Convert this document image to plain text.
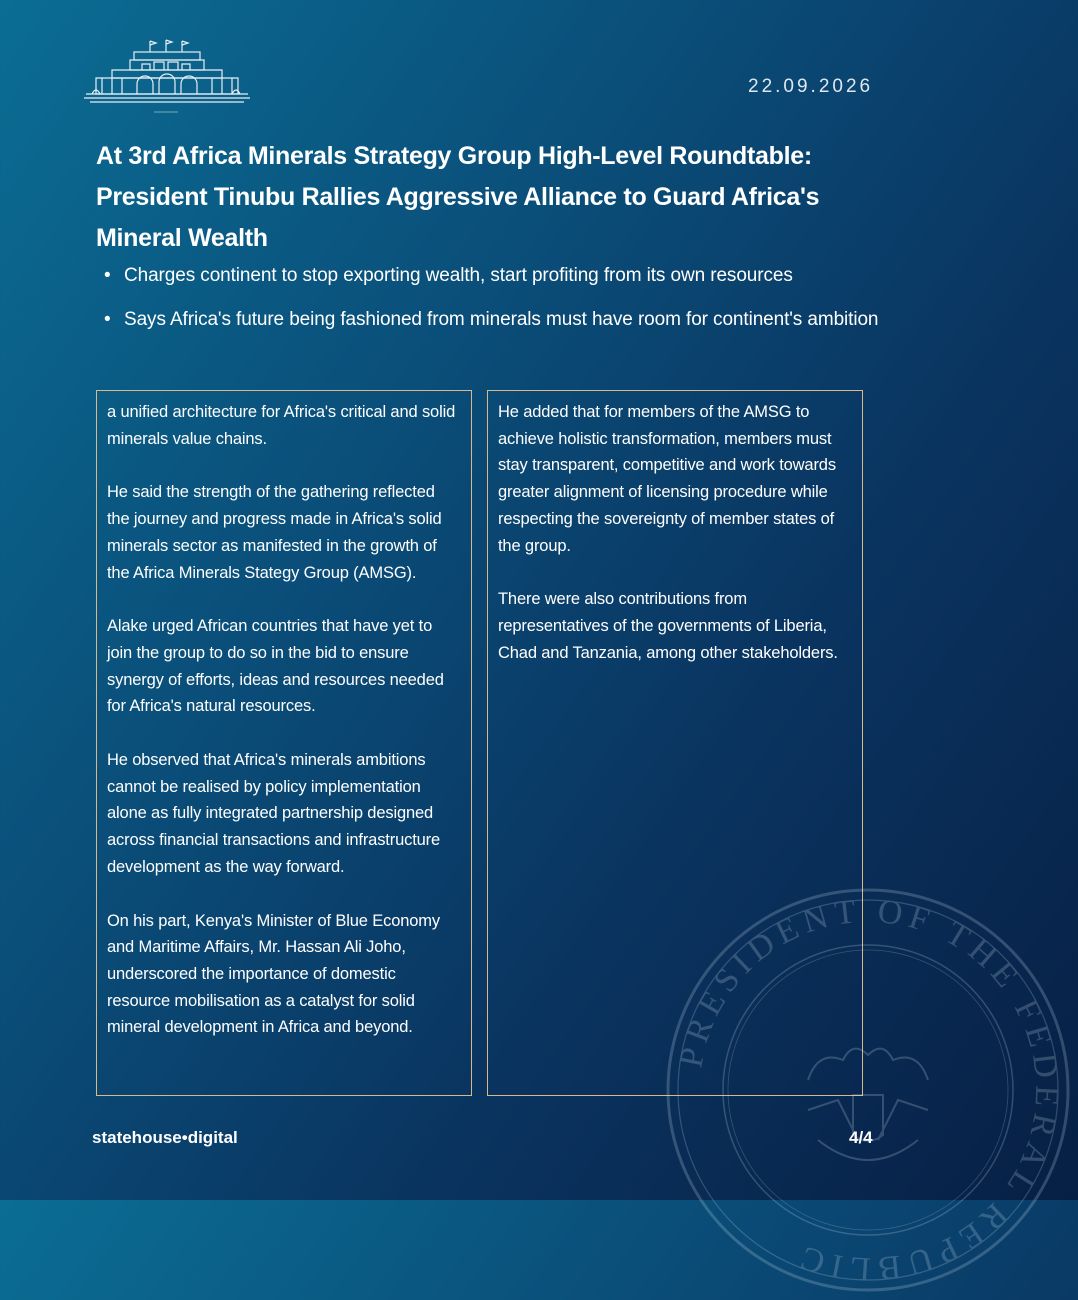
22.09.2026
At 3rd Africa Minerals Strategy Group High-Level Roundtable: President Tinubu Rallies Aggressive Alliance to Guard Africa's Mineral Wealth
• Charges continent to stop exporting wealth, start profiting from its own resources
• Says Africa's future being fashioned from minerals must have room for continent's ambition

a unified architecture for Africa's critical and solid minerals value chains.

He said the strength of the gathering reflected the journey and progress made in Africa's solid minerals sector as manifested in the growth of the Africa Minerals Stategy Group (AMSG).

Alake urged African countries that have yet to join the group to do so in the bid to ensure synergy of efforts, ideas and resources needed for Africa's natural resources.

He observed that Africa's minerals ambitions cannot be realised by policy implementation alone as fully integrated partnership designed across financial transactions and infrastructure development as the way forward.

On his part, Kenya's Minister of Blue Economy and Maritime Affairs, Mr. Hassan Ali Joho, underscored the importance of domestic resource mobilisation as a catalyst for solid mineral development in Africa and beyond.

He added that for members of the AMSG to achieve holistic transformation, members must stay transparent, competitive and work towards greater alignment of licensing procedure while respecting the sovereignty of member states of the group.

There were also contributions from representatives of the governments of Liberia, Chad and Tanzania, among other stakeholders.

PRESIDENT OF THE FEDERAL REPUBLIC
statehouse•digital	4/4
